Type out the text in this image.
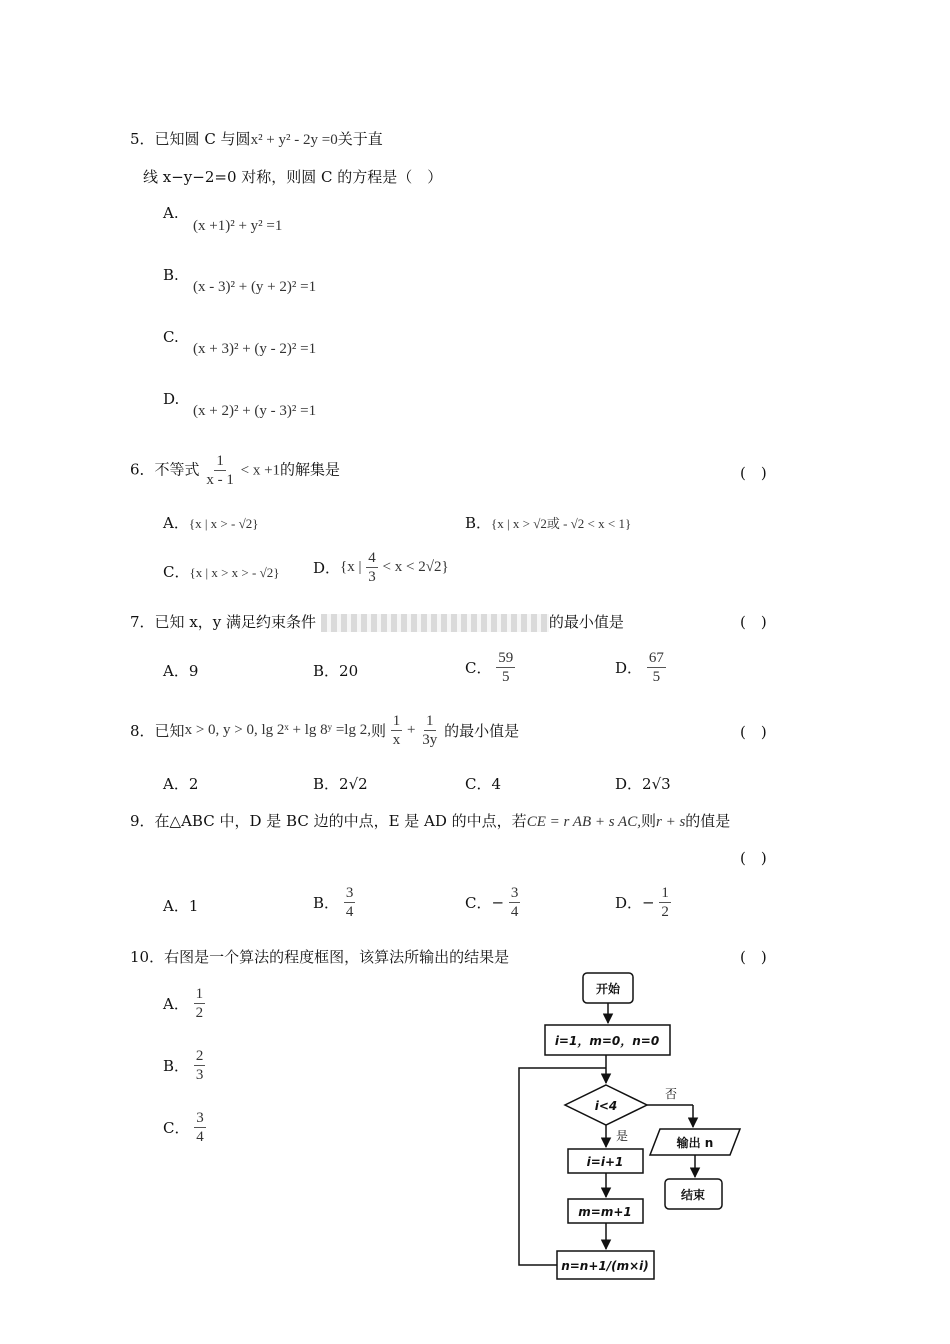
5．已知圆 C 与圆x² + y² - 2y =0关于直
线 x−y−2=0 对称，则圆 C 的方程是（　）
A.
(x +1)² + y² =1
B.
(x - 3)² + (y + 2)² =1
C.
(x + 3)² + (y - 2)² =1
D.
(x + 2)² + (y - 3)² =1
6．不等式 $\frac{1}{x - 1} < x +1$的解集是	(　)
A．{x | x > - √2}	B．{x | x > √2或 - √2 < x < 1}
C．{x | x > x > - √2} D．{x | $\frac{4}{3} < x < 2√2$}
7．已知 x，y 满足约束条件	的最小值是	(　)
A．9	B．20	C． $\frac{59}{5}$	D． $\frac{67}{5}$
8．已知x > 0, y > 0, lg 2ˣ + lg 8ʸ =lg 2,则 $\frac{1}{x} + \frac{1}{3y}$ 的最小值是	(　)
A．2	B．2√2	C．4	D．2√3
9．在△ABC 中，D 是 BC 边的中点，E 是 AD 的中点，若CE = r AB + s AC,则r + s的值是
(　)
A．1	B． $\frac{3}{4}$	C．− $\frac{3}{4}$	D．− $\frac{1}{2}$
10．右图是一个算法的程度框图，该算法所输出的结果是	(　)
A． $\frac{1}{2}$
B． $\frac{2}{3}$
C． $\frac{3}{4}$
开始
i=1，m=0，n=0
i<4
否
是	输出 n
结束
i=i+1
m=m+1
n=n+1/(m×i)
